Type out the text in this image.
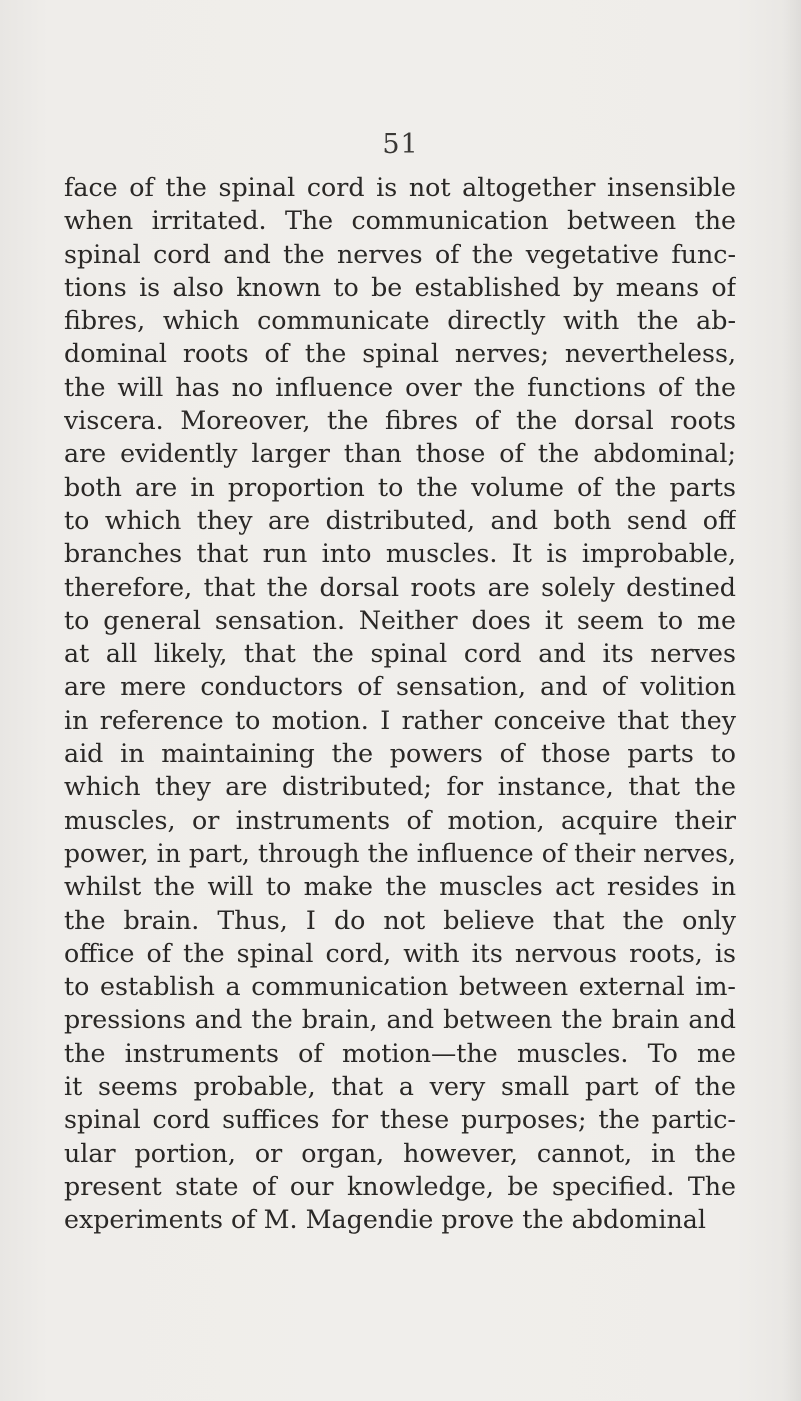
51
face of the spinal cord is not altogether insensible
when irritated. The communication between the
spinal cord and the nerves of the vegetative func-
tions is also known to be established by means of
fibres, which communicate directly with the ab-
dominal roots of the spinal nerves; nevertheless,
the will has no influence over the functions of the
viscera. Moreover, the fibres of the dorsal roots
are evidently larger than those of the abdominal;
both are in proportion to the volume of the parts
to which they are distributed, and both send off
branches that run into muscles. It is improbable,
therefore, that the dorsal roots are solely destined
to general sensation. Neither does it seem to me
at all likely, that the spinal cord and its nerves
are mere conductors of sensation, and of volition
in reference to motion. I rather conceive that they
aid in maintaining the powers of those parts to
which they are distributed; for instance, that the
muscles, or instruments of motion, acquire their
power, in part, through the influence of their nerves,
whilst the will to make the muscles act resides in
the brain. Thus, I do not believe that the only
office of the spinal cord, with its nervous roots, is
to establish a communication between external im-
pressions and the brain, and between the brain and
the instruments of motion—the muscles. To me
it seems probable, that a very small part of the
spinal cord suffices for these purposes; the partic-
ular portion, or organ, however, cannot, in the
present state of our knowledge, be specified. The
experiments of M. Magendie prove the abdominal
